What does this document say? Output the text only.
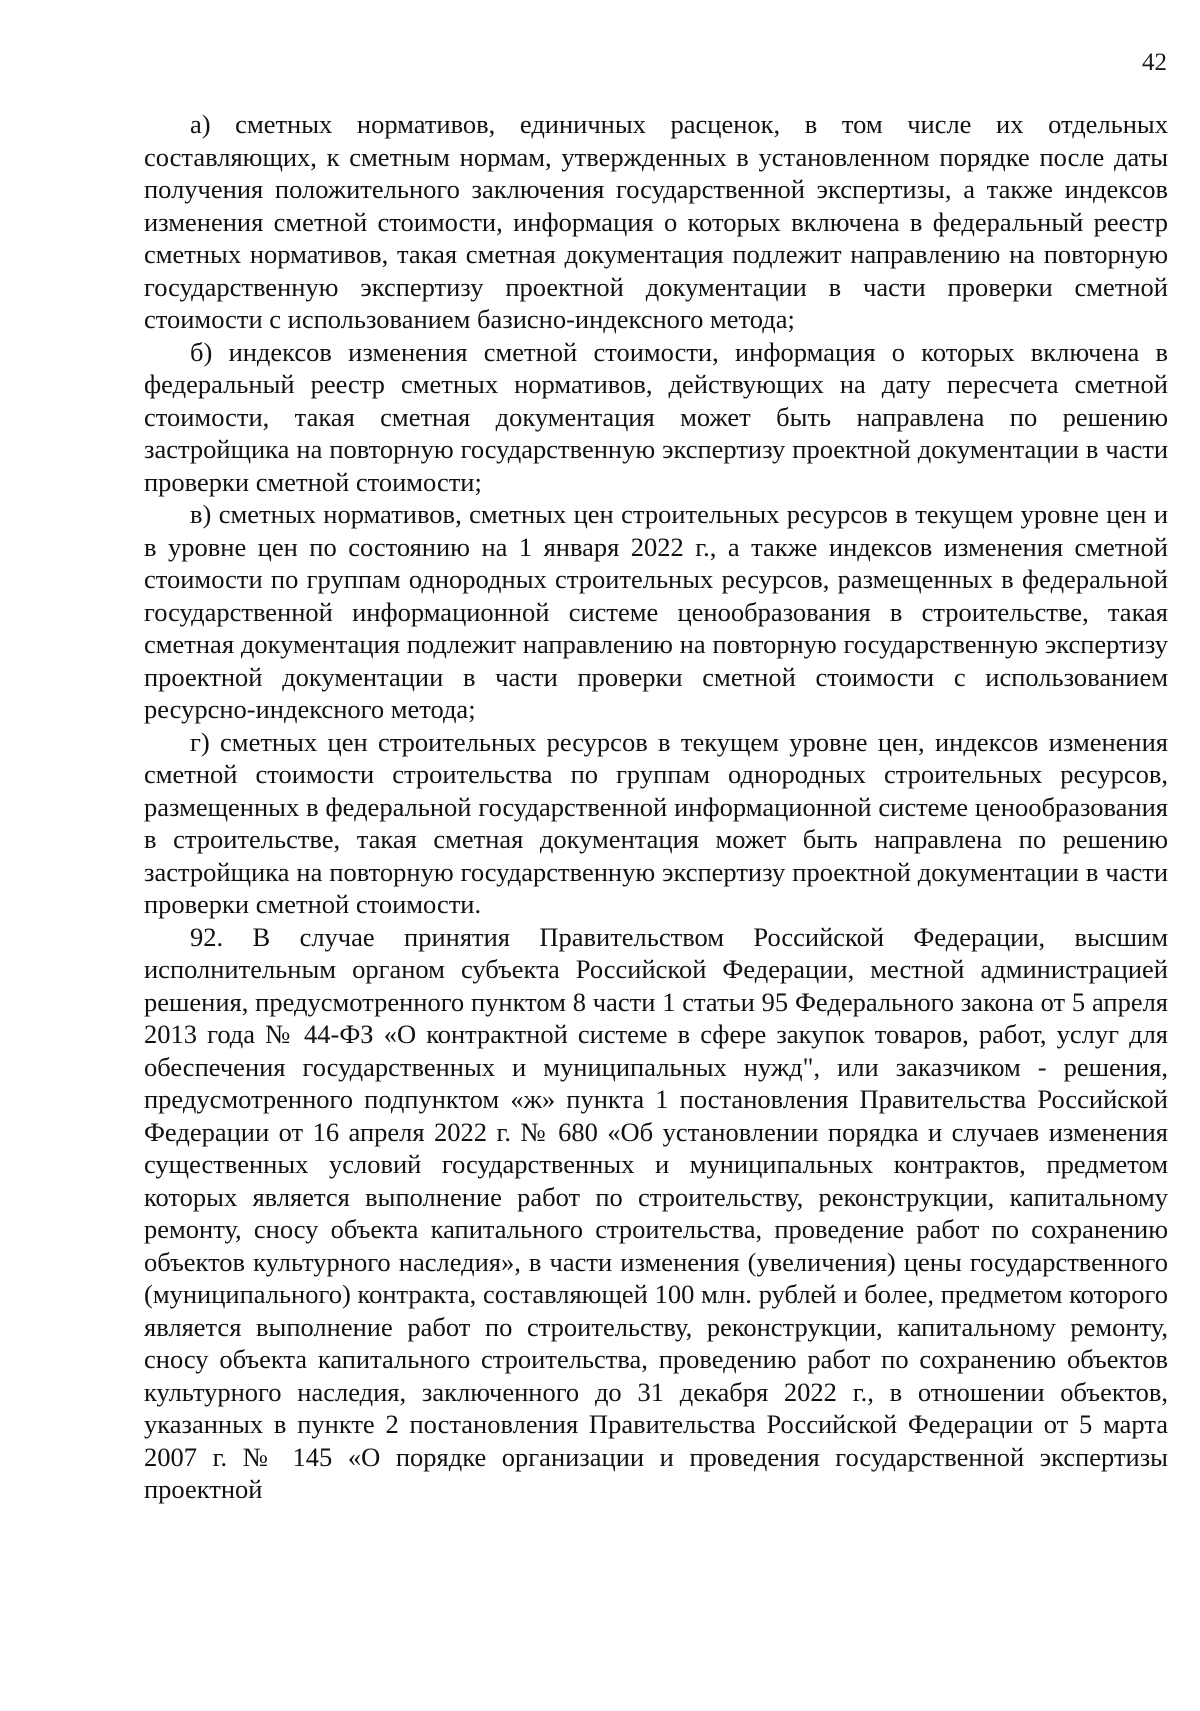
42

а) сметных нормативов, единичных расценок, в том числе их отдельных составляющих, к сметным нормам, утвержденных в установленном порядке после даты получения положительного заключения государственной экспертизы, а также индексов изменения сметной стоимости, информация о которых включена в федеральный реестр сметных нормативов, такая сметная документация подлежит направлению на повторную государственную экспертизу проектной документации в части проверки сметной стоимости с использованием базисно-индексного метода;

б) индексов изменения сметной стоимости, информация о которых включена в федеральный реестр сметных нормативов, действующих на дату пересчета сметной стоимости, такая сметная документация может быть направлена по решению застройщика на повторную государственную экспертизу проектной документации в части проверки сметной стоимости;

в) сметных нормативов, сметных цен строительных ресурсов в текущем уровне цен и в уровне цен по состоянию на 1 января 2022 г., а также индексов изменения сметной стоимости по группам однородных строительных ресурсов, размещенных в федеральной государственной информационной системе ценообразования в строительстве, такая сметная документация подлежит направлению на повторную государственную экспертизу проектной документации в части проверки сметной стоимости с использованием ресурсно-индексного метода;

г) сметных цен строительных ресурсов в текущем уровне цен, индексов изменения сметной стоимости строительства по группам однородных строительных ресурсов, размещенных в федеральной государственной информационной системе ценообразования в строительстве, такая сметная документация может быть направлена по решению застройщика на повторную государственную экспертизу проектной документации в части проверки сметной стоимости.

92. В случае принятия Правительством Российской Федерации, высшим исполнительным органом субъекта Российской Федерации, местной администрацией решения, предусмотренного пунктом 8 части 1 статьи 95 Федерального закона от 5 апреля 2013 года № 44-ФЗ «О контрактной системе в сфере закупок товаров, работ, услуг для обеспечения государственных и муниципальных нужд", или заказчиком - решения, предусмотренного подпунктом «ж» пункта 1 постановления Правительства Российской Федерации от 16 апреля 2022 г. № 680 «Об установлении порядка и случаев изменения существенных условий государственных и муниципальных контрактов, предметом которых является выполнение работ по строительству, реконструкции, капитальному ремонту, сносу объекта капитального строительства, проведение работ по сохранению объектов культурного наследия», в части изменения (увеличения) цены государственного (муниципального) контракта, составляющей 100 млн. рублей и более, предметом которого является выполнение работ по строительству, реконструкции, капитальному ремонту, сносу объекта капитального строительства, проведению работ по сохранению объектов культурного наследия, заключенного до 31 декабря 2022 г., в отношении объектов, указанных в пункте 2 постановления Правительства Российской Федерации от 5 марта 2007 г. № 145 «О порядке организации и проведения государственной экспертизы проектной
